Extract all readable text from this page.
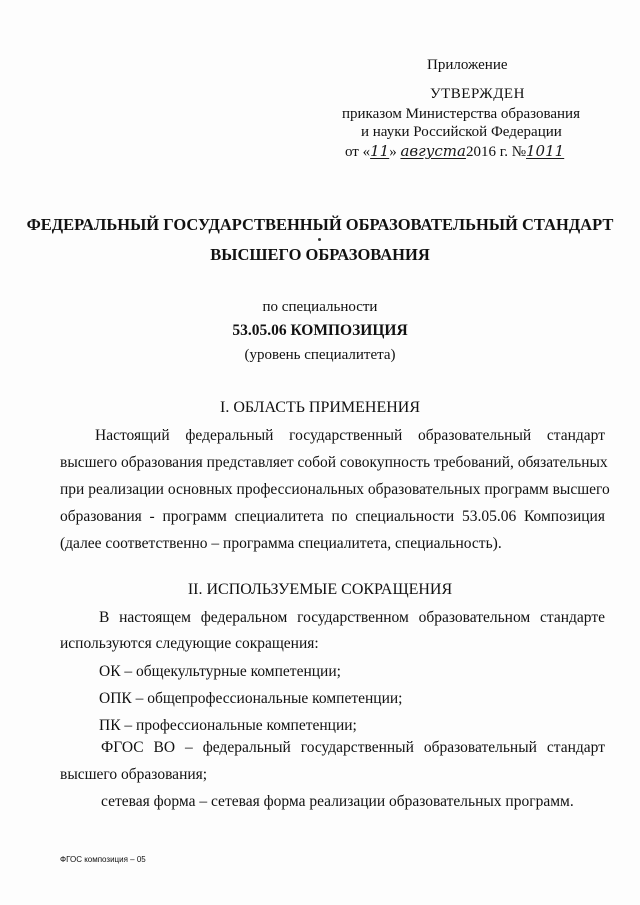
Приложение
УТВЕРЖДЕН
приказом Министерства образования
и науки Российской Федерации
от «11» августа2016 г. №1011
ФЕДЕРАЛЬНЫЙ ГОСУДАРСТВЕННЫЙ ОБРАЗОВАТЕЛЬНЫЙ СТАНДАРТ
ВЫСШЕГО ОБРАЗОВАНИЯ
по специальности
53.05.06 КОМПОЗИЦИЯ
(уровень специалитета)
I. ОБЛАСТЬ ПРИМЕНЕНИЯ
Настоящий федеральный государственный образовательный стандарт
высшего образования представляет собой совокупность требований, обязательных
при реализации основных профессиональных образовательных программ высшего
образования - программ специалитета по специальности 53.05.06 Композиция
(далее соответственно – программа специалитета, специальность).
II. ИСПОЛЬЗУЕМЫЕ СОКРАЩЕНИЯ
В настоящем федеральном государственном образовательном стандарте
используются следующие сокращения:
ОК – общекультурные компетенции;
ОПК – общепрофессиональные компетенции;
ПК – профессиональные компетенции;
ФГОС ВО – федеральный государственный образовательный стандарт
высшего образования;
сетевая форма – сетевая форма реализации образовательных программ.
ФГОС композиция – 05
